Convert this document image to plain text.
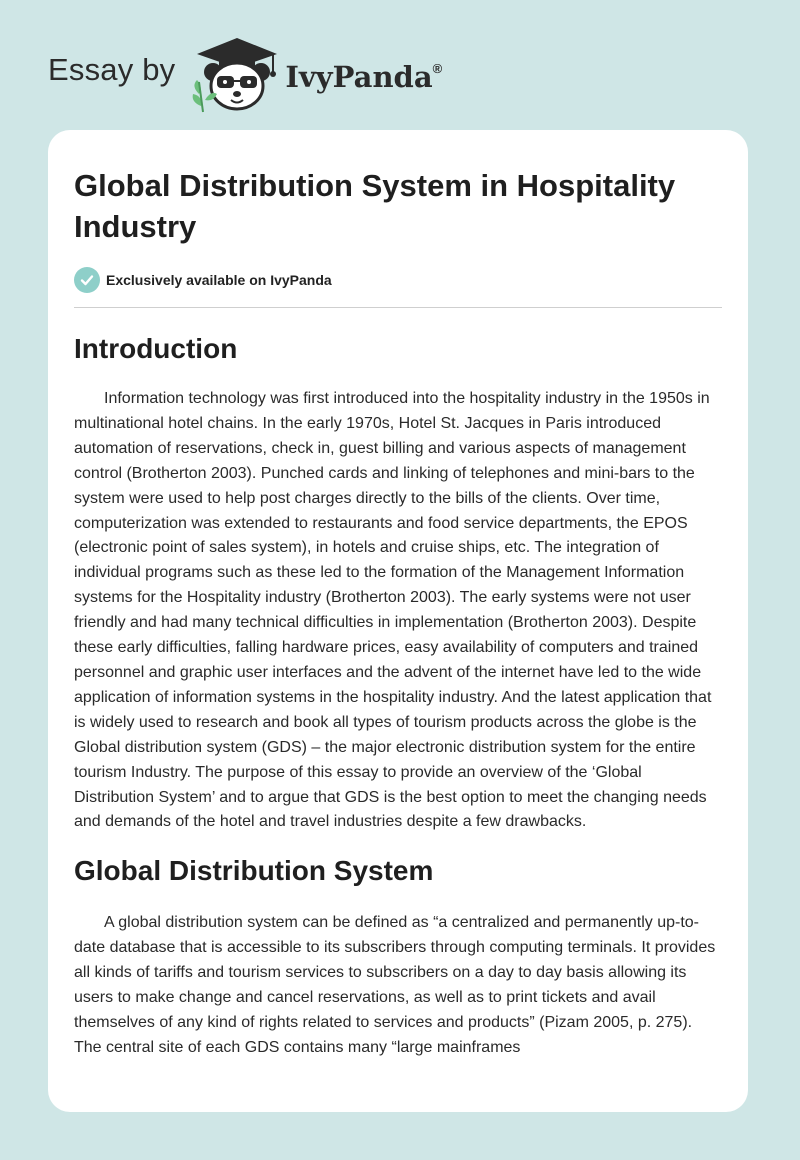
Essay by	IvyPanda®
Global Distribution System in Hospitality Industry
Exclusively available on IvyPanda
Introduction

Information technology was first introduced into the hospitality industry in the 1950s in multinational hotel chains. In the early 1970s, Hotel St. Jacques in Paris introduced automation of reservations, check in, guest billing and various aspects of management control (Brotherton 2003). Punched cards and linking of telephones and mini-bars to the system were used to help post charges directly to the bills of the clients. Over time, computerization was extended to restaurants and food service departments, the EPOS (electronic point of sales system), in hotels and cruise ships, etc. The integration of individual programs such as these led to the formation of the Management Information systems for the Hospitality industry (Brotherton 2003). The early systems were not user friendly and had many technical difficulties in implementation (Brotherton 2003). Despite these early difficulties, falling hardware prices, easy availability of computers and trained personnel and graphic user interfaces and the advent of the internet have led to the wide application of information systems in the hospitality industry. And the latest application that is widely used to research and book all types of tourism products across the globe is the Global distribution system (GDS) – the major electronic distribution system for the entire tourism Industry. The purpose of this essay to provide an overview of the ‘Global Distribution System’ and to argue that GDS is the best option to meet the changing needs and demands of the hotel and travel industries despite a few drawbacks.

Global Distribution System

A global distribution system can be defined as “a centralized and permanently up-to-date database that is accessible to its subscribers through computing terminals. It provides all kinds of tariffs and tourism services to subscribers on a day to day basis allowing its users to make change and cancel reservations, as well as to print tickets and avail themselves of any kind of rights related to services and products” (Pizam 2005, p. 275). The central site of each GDS contains many “large mainframes
